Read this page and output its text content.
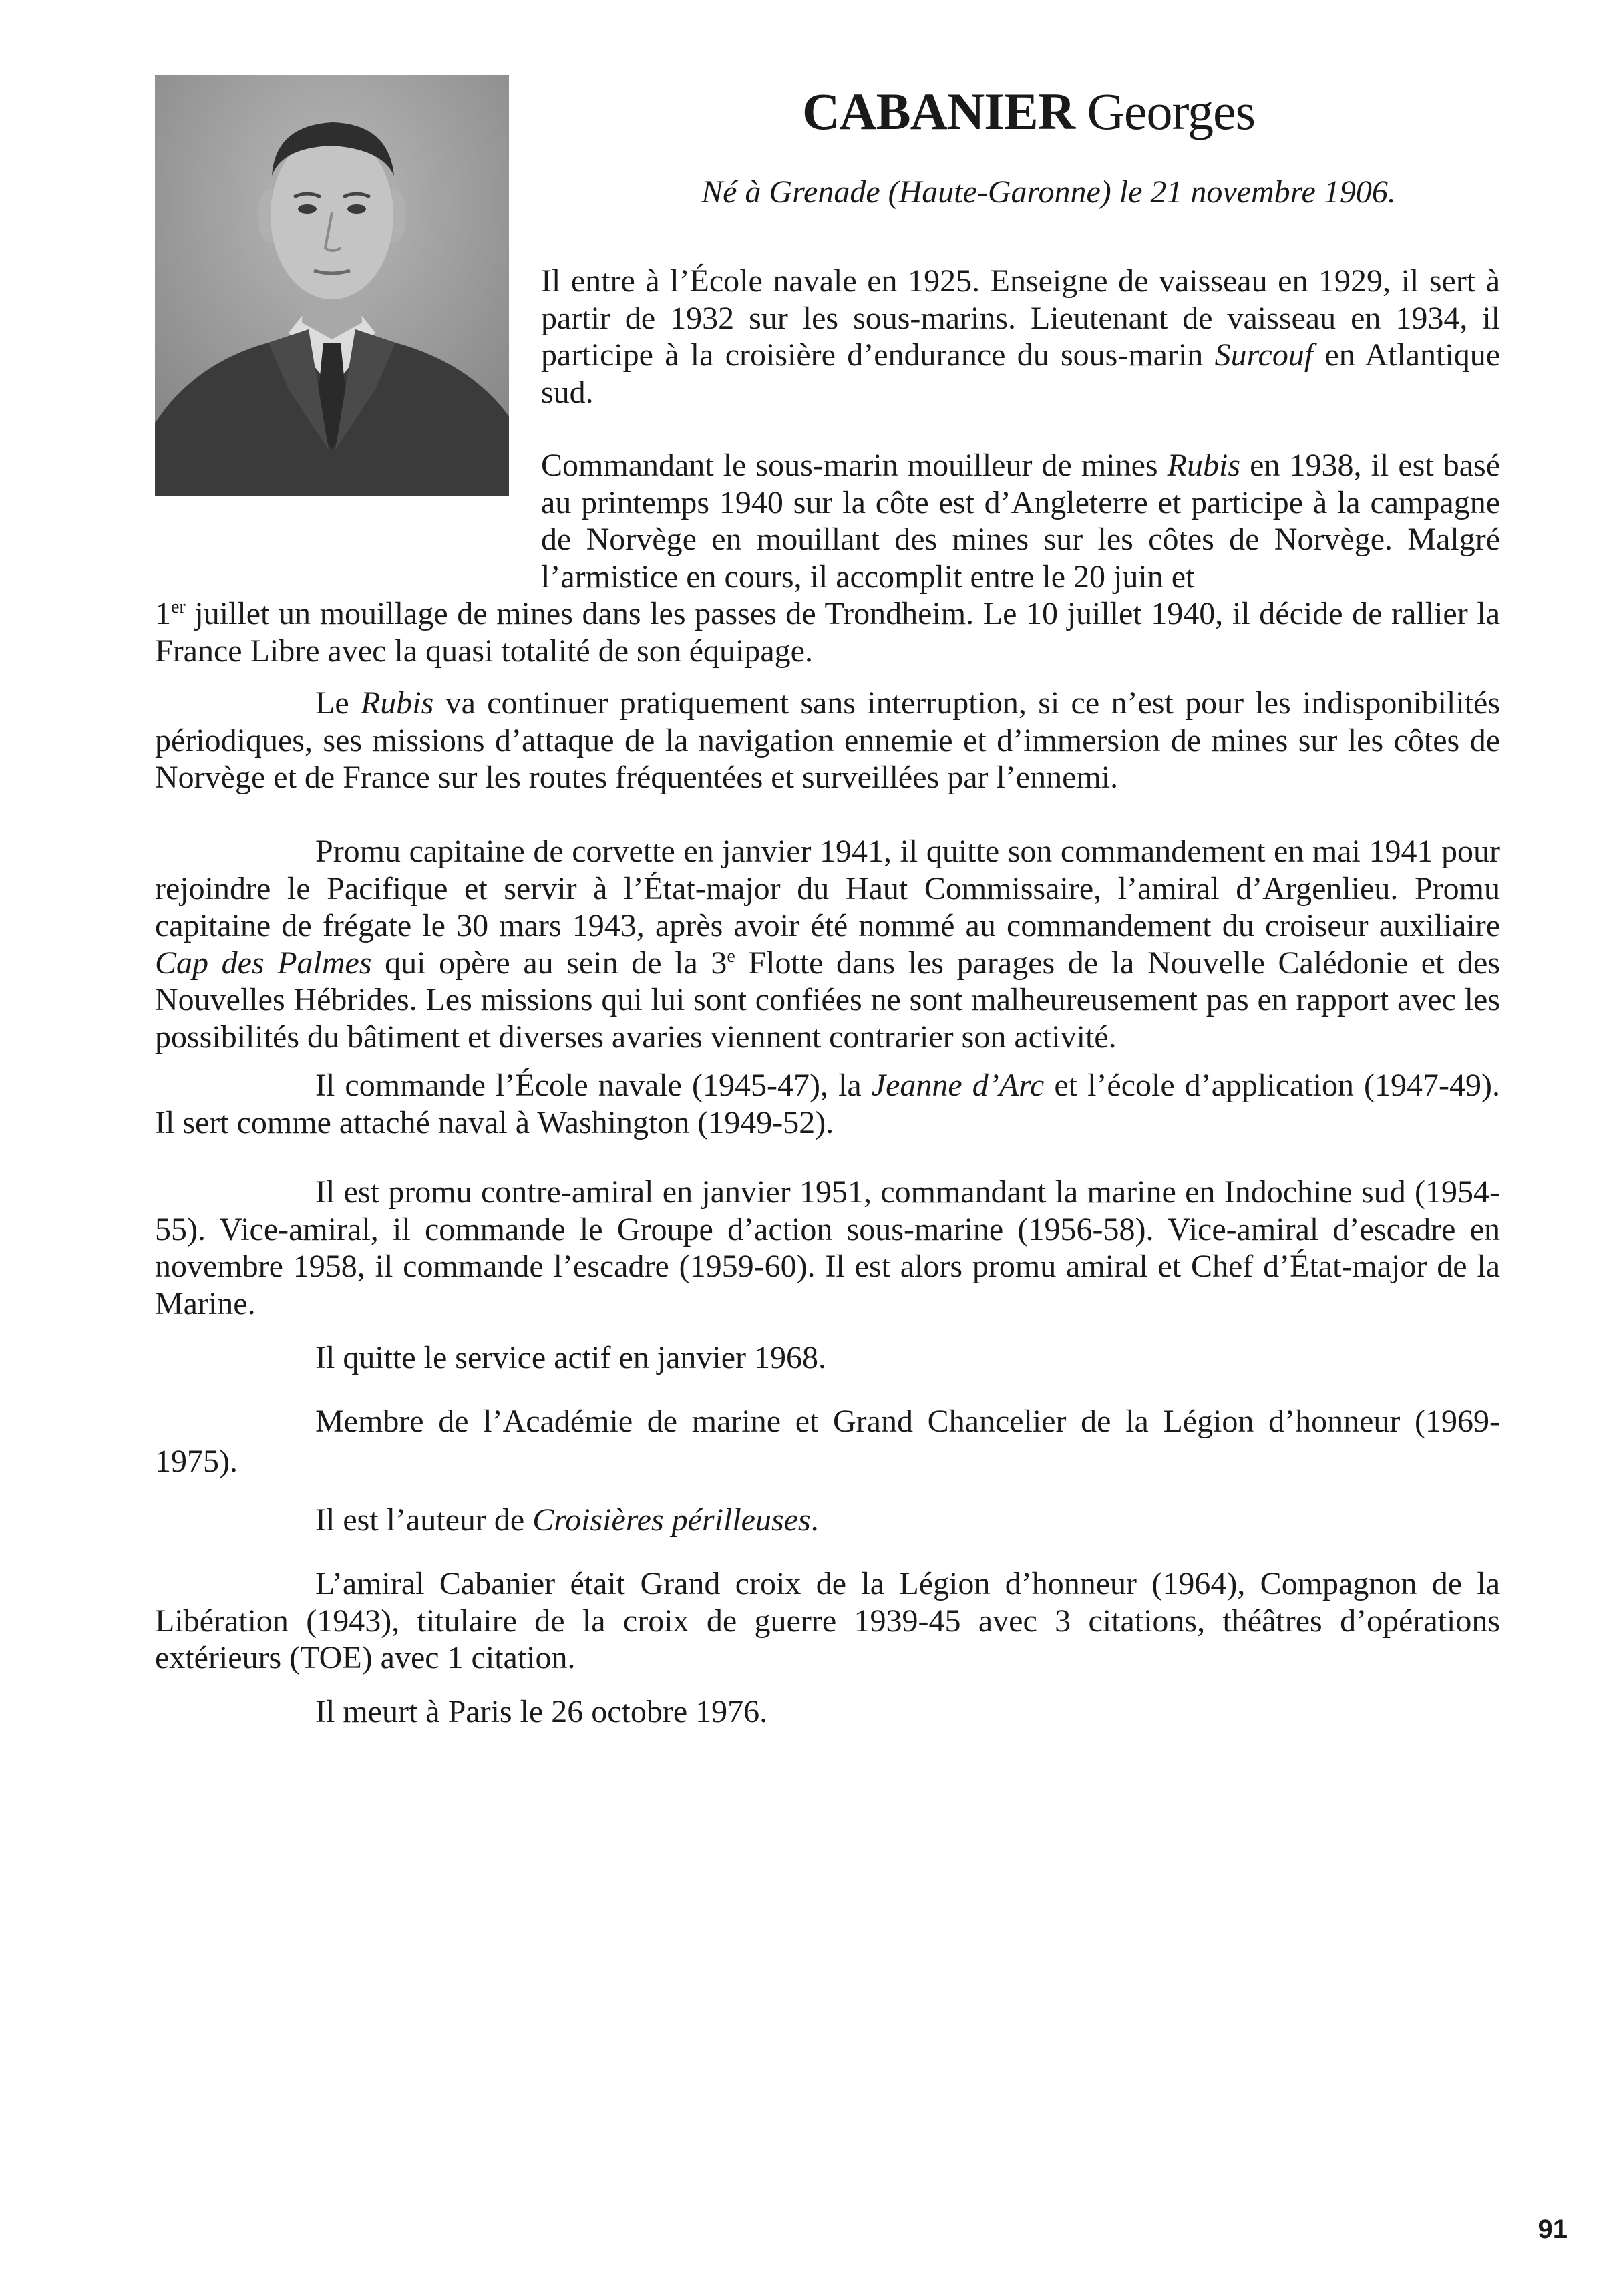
CABANIER Georges
Né à Grenade (Haute-Garonne) le 21 novembre 1906.

Il entre à l’École navale en 1925. Enseigne de vaisseau en 1929, il sert à partir de 1932 sur les sous-marins. Lieutenant de vaisseau en 1934, il participe à la croisière d’endurance du sous-marin Surcouf en Atlantique sud.

Commandant le sous-marin mouilleur de mines Rubis en 1938, il est basé au printemps 1940 sur la côte est d’Angleterre et participe à la campagne de Norvège en mouillant des mines sur les côtes de Norvège. Malgré l’armistice en cours, il accomplit entre le 20 juin et

1er juillet un mouillage de mines dans les passes de Trondheim. Le 10 juillet 1940, il décide de rallier la France Libre avec la quasi totalité de son équipage.

Le Rubis va continuer pratiquement sans interruption, si ce n’est pour les indisponibilités périodiques, ses missions d’attaque de la navigation ennemie et d’immersion de mines sur les côtes de Norvège et de France sur les routes fréquentées et surveillées par l’ennemi.

Promu capitaine de corvette en janvier 1941, il quitte son commandement en mai 1941 pour rejoindre le Pacifique et servir à l’État-major du Haut Commissaire, l’amiral d’Argenlieu. Promu capitaine de frégate le 30 mars 1943, après avoir été nommé au commandement du croiseur auxiliaire Cap des Palmes qui opère au sein de la 3e Flotte dans les parages de la Nouvelle Calédonie et des Nouvelles Hébrides. Les missions qui lui sont confiées ne sont malheureusement pas en rapport avec les possibilités du bâtiment et diverses avaries viennent contrarier son activité.

Il commande l’École navale (1945-47), la Jeanne d’Arc et l’école d’application (1947-49). Il sert comme attaché naval à Washington (1949-52).

Il est promu contre-amiral en janvier 1951, commandant la marine en Indochine sud (1954-55). Vice-amiral, il commande le Groupe d’action sous-marine (1956-58). Vice-amiral d’escadre en novembre 1958, il commande l’escadre (1959-60). Il est alors promu amiral et Chef d’État-major de la Marine.

Il quitte le service actif en janvier 1968.

Membre de l’Académie de marine et Grand Chancelier de la Légion d’honneur (1969-

1975).

Il est l’auteur de Croisières périlleuses.

L’amiral Cabanier était Grand croix de la Légion d’honneur (1964), Compagnon de la Libération (1943), titulaire de la croix de guerre 1939-45 avec 3 citations, théâtres d’opérations extérieurs (TOE) avec 1 citation.

Il meurt à Paris le 26 octobre 1976.

91
